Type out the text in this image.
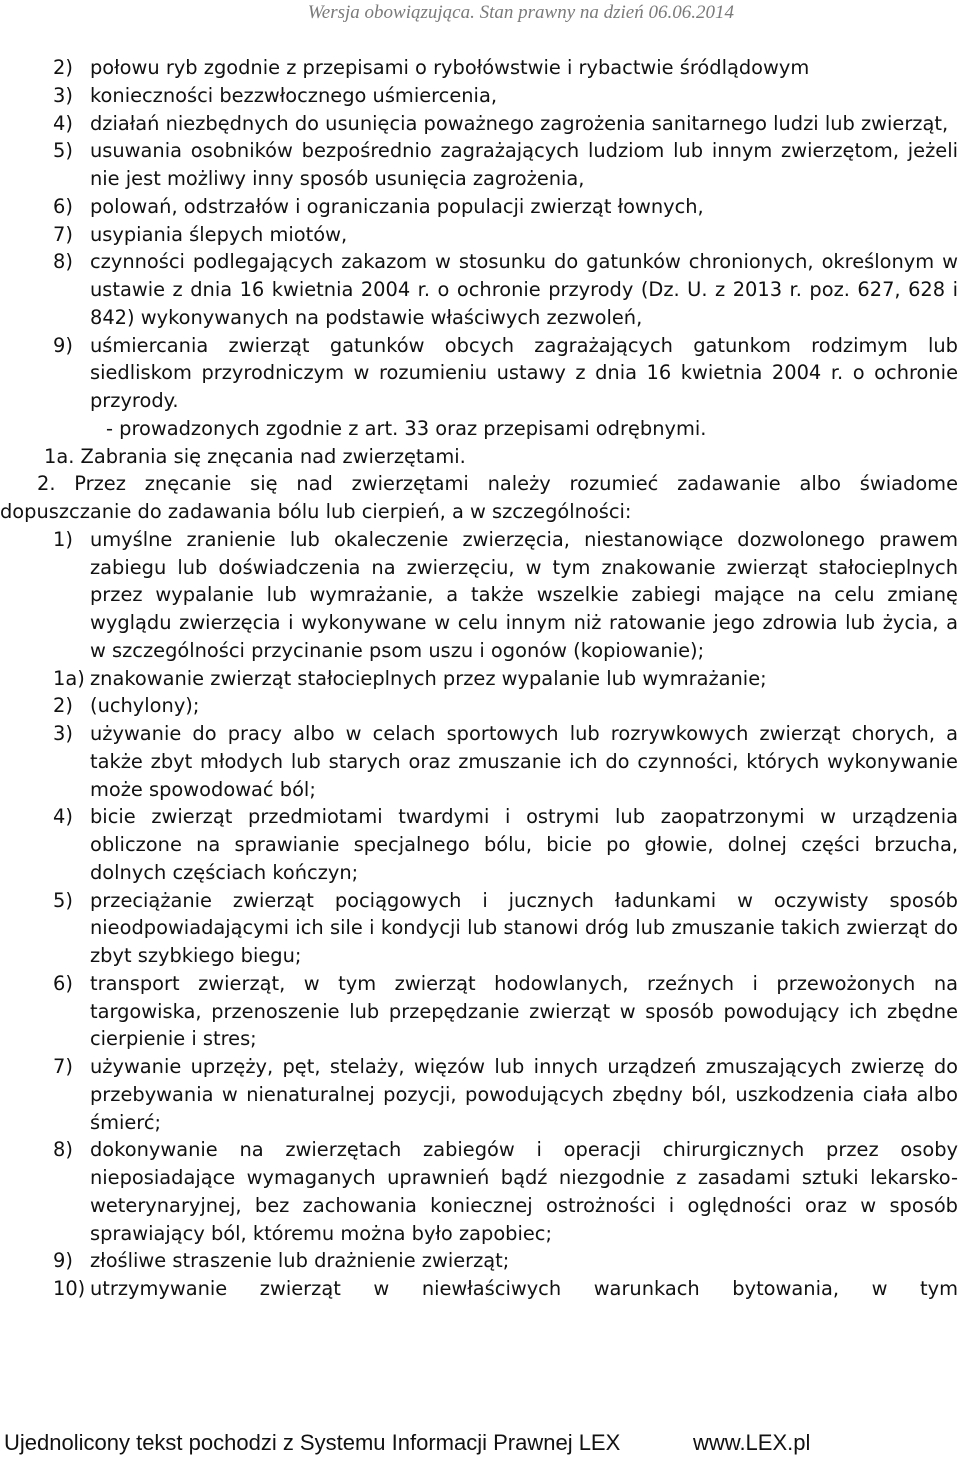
Wersja obowiązująca. Stan prawny na dzień 06.06.2014
2) połowu ryb zgodnie z przepisami o rybołówstwie i rybactwie śródlądowym
3) konieczności bezzwłocznego uśmiercenia,
4) działań niezbędnych do usunięcia poważnego zagrożenia sanitarnego ludzi lub zwierząt,
5) usuwania osobników bezpośrednio zagrażających ludziom lub innym zwierzętom, jeżeli nie jest możliwy inny sposób usunięcia zagrożenia,
6) polowań, odstrzałów i ograniczania populacji zwierząt łownych,
7) usypiania ślepych miotów,
8) czynności podlegających zakazom w stosunku do gatunków chronionych, określonym w ustawie z dnia 16 kwietnia 2004 r. o ochronie przyrody (Dz. U. z 2013 r. poz. 627, 628 i 842) wykonywanych na podstawie właściwych zezwoleń,
9) uśmiercania zwierząt gatunków obcych zagrażających gatunkom rodzimym lub siedliskom przyrodniczym w rozumieniu ustawy z dnia 16 kwietnia 2004 r. o ochronie przyrody.
- prowadzonych zgodnie z art. 33 oraz przepisami odrębnymi.
1a. Zabrania się znęcania nad zwierzętami.
2. Przez znęcanie się nad zwierzętami należy rozumieć zadawanie albo świadome dopuszczanie do zadawania bólu lub cierpień, a w szczególności:
1) umyślne zranienie lub okaleczenie zwierzęcia, niestanowiące dozwolonego prawem zabiegu lub doświadczenia na zwierzęciu, w tym znakowanie zwierząt stałocieplnych przez wypalanie lub wymrażanie, a także wszelkie zabiegi mające na celu zmianę wyglądu zwierzęcia i wykonywane w celu innym niż ratowanie jego zdrowia lub życia, a w szczególności przycinanie psom uszu i ogonów (kopiowanie);
1a) znakowanie zwierząt stałocieplnych przez wypalanie lub wymrażanie;
2) (uchylony);
3) używanie do pracy albo w celach sportowych lub rozrywkowych zwierząt chorych, a także zbyt młodych lub starych oraz zmuszanie ich do czynności, których wykonywanie może spowodować ból;
4) bicie zwierząt przedmiotami twardymi i ostrymi lub zaopatrzonymi w urządzenia obliczone na sprawianie specjalnego bólu, bicie po głowie, dolnej części brzucha, dolnych częściach kończyn;
5) przeciążanie zwierząt pociągowych i jucznych ładunkami w oczywisty sposób nieodpowiadającymi ich sile i kondycji lub stanowi dróg lub zmuszanie takich zwierząt do zbyt szybkiego biegu;
6) transport zwierząt, w tym zwierząt hodowlanych, rzeźnych i przewożonych na targowiska, przenoszenie lub przepędzanie zwierząt w sposób powodujący ich zbędne cierpienie i stres;
7) używanie uprzęży, pęt, stelaży, więzów lub innych urządzeń zmuszających zwierzę do przebywania w nienaturalnej pozycji, powodujących zbędny ból, uszkodzenia ciała albo śmierć;
8) dokonywanie na zwierzętach zabiegów i operacji chirurgicznych przez osoby nieposiadające wymaganych uprawnień bądź niezgodnie z zasadami sztuki lekarsko-weterynaryjnej, bez zachowania koniecznej ostrożności i oględności oraz w sposób sprawiający ból, któremu można było zapobiec;
9) złośliwe straszenie lub drażnienie zwierząt;
10) utrzymywanie zwierząt w niewłaściwych warunkach bytowania, w tym
Ujednolicony tekst pochodzi z Systemu Informacji Prawnej LEX	www.LEX.pl
